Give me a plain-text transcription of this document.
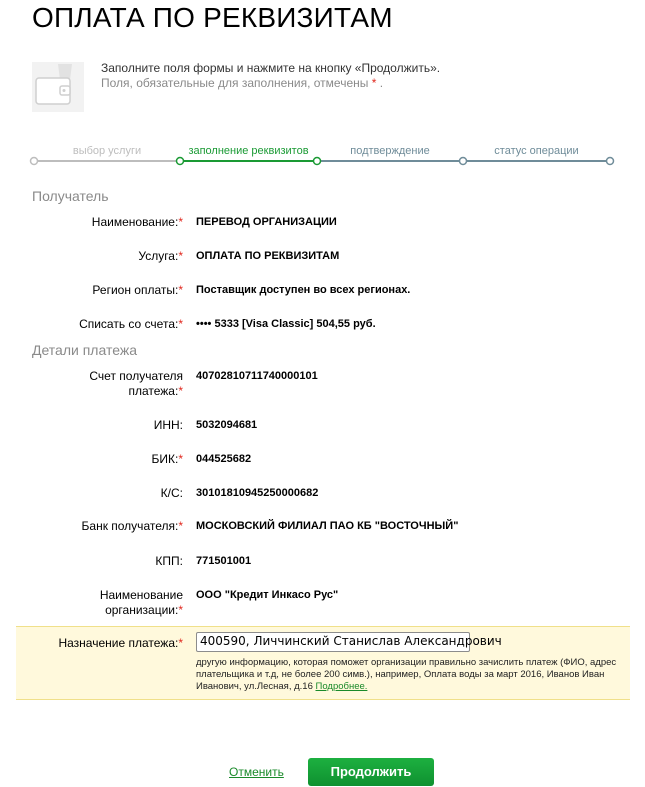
ОПЛАТА ПО РЕКВИЗИТАМ
Заполните поля формы и нажмите на кнопку «Продолжить».
Поля, обязательные для заполнения, отмечены * .
выбор услуги	заполнение реквизитов	подтверждение	статус операции
Получатель
Наименование:* ПЕРЕВОД ОРГАНИЗАЦИИ
Услуга:* ОПЛАТА ПО РЕКВИЗИТАМ
Регион оплаты:* Поставщик доступен во всех регионах.
Списать со счета:* •••• 5333 [Visa Classic] 504,55 руб.
Детали платежа
Счет получателя
платежа:*
40702810711740000101
ИНН: 5032094681
БИК:* 044525682
К/С: 30101810945250000682
Банк получателя:* МОСКОВСКИЙ ФИЛИАЛ ПАО КБ "ВОСТОЧНЫЙ"
КПП: 771501001
Наименование
организации:*
ООО "Кредит Инкасо Рус"
Назначение платежа:*	400590, Личчинский Станислав Александрович
другую информацию, которая поможет организации правильно зачислить платеж (ФИО, адрес плательщика и т.д, не более 200 симв.), например, Оплата воды за март 2016, Иванов Иван Иванович, ул.Лесная, д.16 Подробнее.
Отменить	Продолжить
